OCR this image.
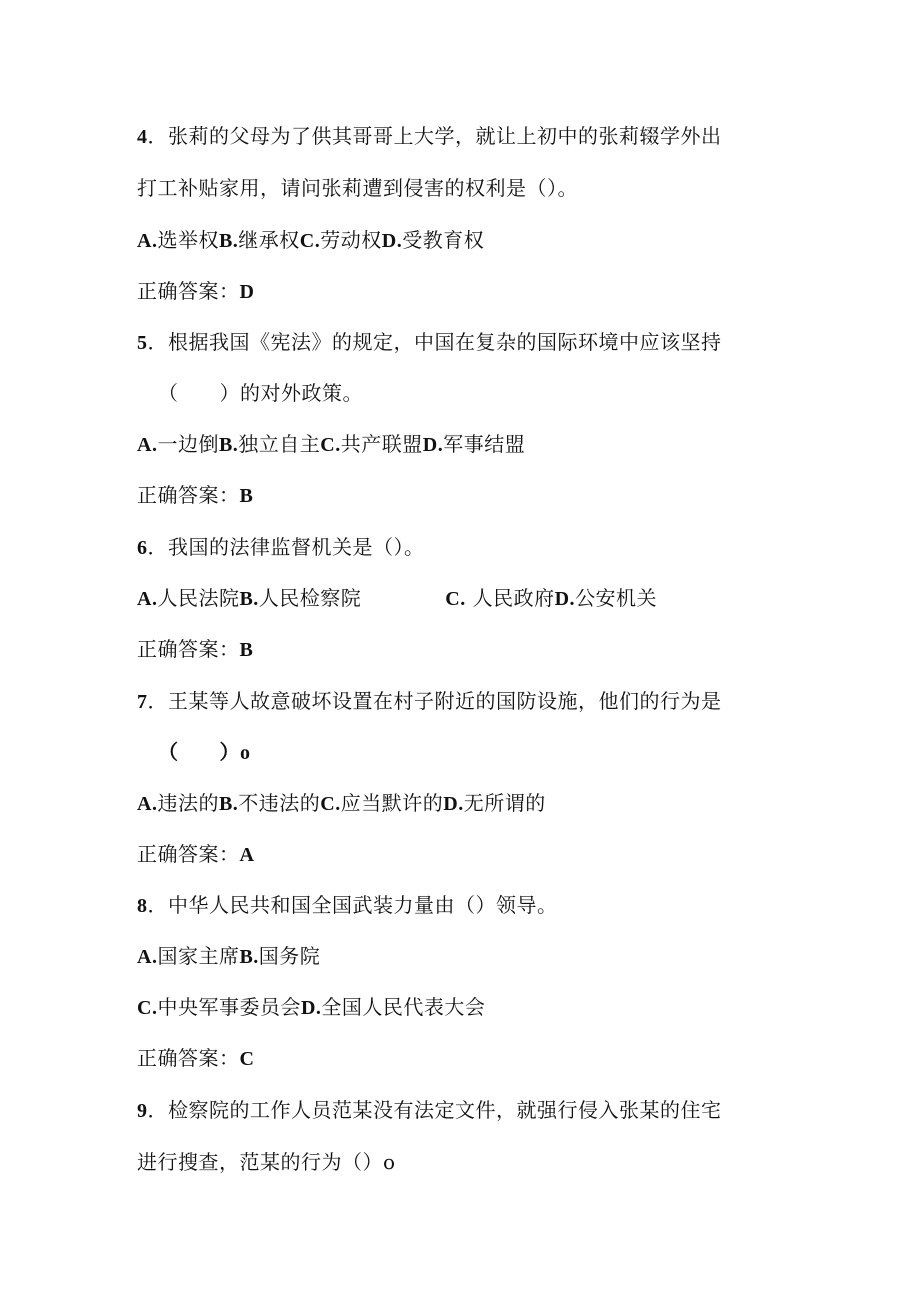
4．张莉的父母为了供其哥哥上大学，就让上初中的张莉辍学外出
打工补贴家用，请问张莉遭到侵害的权利是（）。
A.选举权B.继承权C.劳动权D.受教育权
正确答案：D
5．根据我国《宪法》的规定，中国在复杂的国际环境中应该坚持
（　　）的对外政策。
A.一边倒B.独立自主C.共产联盟D.军事结盟
正确答案：B
6．我国的法律监督机关是（）。
A.人民法院B.人民检察院	C. 人民政府D.公安机关
正确答案：B
7．王某等人故意破坏设置在村子附近的国防设施，他们的行为是
（　　）o
A.违法的B.不违法的C.应当默许的D.无所谓的
正确答案：A
8．中华人民共和国全国武装力量由（）领导。
A.国家主席B.国务院
C.中央军事委员会D.全国人民代表大会
正确答案：C
9．检察院的工作人员范某没有法定文件，就强行侵入张某的住宅
进行搜查，范某的行为（）o
